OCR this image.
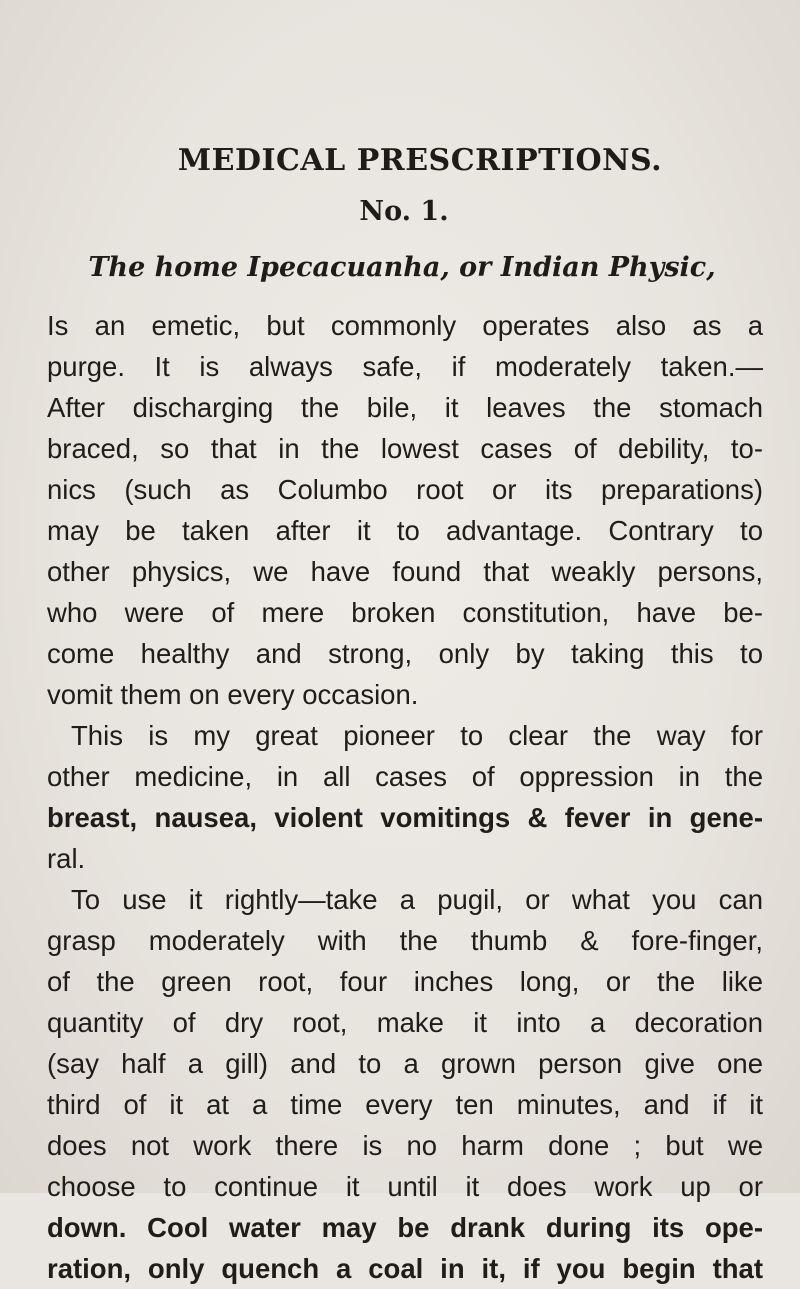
MEDICAL PRESCRIPTIONS.
No. 1.
The home Ipecacuanha, or Indian Physic,
Is an emetic, but commonly operates also as a
purge. It is always safe, if moderately taken.—
After discharging the bile, it leaves the stomach
braced, so that in the lowest cases of debility, to-
nics (such as Columbo root or its preparations)
may be taken after it to advantage. Contrary to
other physics, we have found that weakly persons,
who were of mere broken constitution, have be-
come healthy and strong, only by taking this to
vomit them on every occasion.
This is my great pioneer to clear the way for
other medicine, in all cases of oppression in the
breast, nausea, violent vomitings & fever in gene-
ral.
To use it rightly—take a pugil, or what you can
grasp moderately with the thumb & fore-finger,
of the green root, four inches long, or the like
quantity of dry root, make it into a decoration
(say half a gill) and to a grown person give one
third of it at a time every ten minutes, and if it
does not work there is no harm done ; but we
choose to continue it until it does work up or
down. Cool water may be drank during its ope-
ration, only quench a coal in it, if you begin that
